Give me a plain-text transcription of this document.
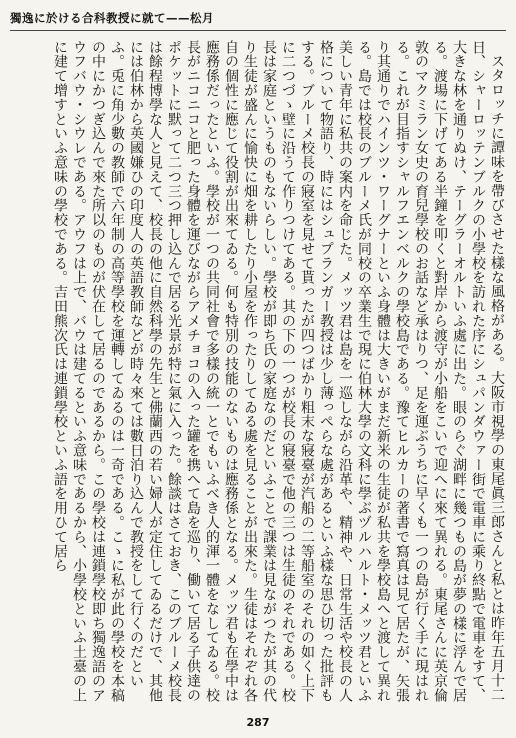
獨逸に於ける合科教授に就て——松月

スタロッチに譚味を帶びさせた樣な風格がある。大阪市視學の東尾眞三郎さんと私とは昨年五月十二日、シャーロッテンブルクの小學校を訪れた序にシュパンダウァー街で電車に乘り終點で電車をすて、大きな林を通りぬけ、テーグラーオルトいふ處に出た。眼のらぐ湖畔に幾つもの島が夢の樣に浮んで居る。渡場に下げてある半鐘を叩くと對岸から渡守が小船をこいで迎へに來て異れる。東尾さんに英京倫敦のマクミラン女史の育兒學校のお話など承はりつ、足を運ぶうちに早くも一つの島が行く手に現はれる。これが目指すシャルフエンベルクの學校島である。豫てヒルカーの著書で寫真は見て居たが、矢張り其通りでハインツ・ワーグナーといふ身體は大きいがまだ新米の生徒が私共を學校島へと渡して異れる。島では校長のブルーメ氏が同校の卒業生で現に伯林大學の文科に學ぶヅルハルト・メッツ君といふ美しい青年に私共の案内を命じた。メッツ君は島を一巡しながら沿革や、精神や、日常生活や校長の人格について物語り、時にはシュプランガー教授は少し薄っぺらな處があるといふ樣な思ひ切った批評もする。ブルーメ校長の寢室を見せて貰ったが四つばかり粗末な寢臺が汽船の二等船室のそれの如く上下に二つづゝ壁に沿うて作りつけてある。其の下の一つが校長の寢臺で他の三つは生徒のそれである。校長は家庭というものもないらしい。學校が即ち氏の家庭なのだといふことで課業は見ながつたが其の代り生徒が盛んに愉快に畑を耕したり小屋を作ったりしてゐる處を見ることが出來た。生徒はそれぞれ各自の個性に應じて役割が出來てゐる。何も特別の技能のないものは應務係となる。メッツ君も在學中は應務係だったといふ。學校が一つの共同社會で多樣の統一とでもいふべき人的渾一體をなしてゐる。校長がニコニコと肥った身體を運びながらアメチョコの入った罐を携へて島を巡り、働いて居る子供達のポケットに默って二つ三つ押し込んで居る光景が特に氣に入った。餘談はさておき、このブルーメ校長は餘程博學な人と見えて、校長の他に自然科學の先生と佛蘭西の若い婦人が定住してゐるだけで、其他には伯林から英國嫌ひの印度人の英語教師などが時々來ては數日泊り込んで教授をして行くのだといふ。兎に角少數の教師で六年制の高等學校を運轉してゐるのは一奇である。こゝに私が此の學校を本稿の中にかつぎ込んで來た所以のものが伏在して居るのであるから。この學校は連鎖學校即ち獨逸語のアウフバウ・シウレである。アウフは上で、バウは建てるといふ意味であるから、小學校といふ土臺の上に建て增すといふ意味の學校である。吉田熊次氏は連鎖學校といふ語を用ひて居ら

287
